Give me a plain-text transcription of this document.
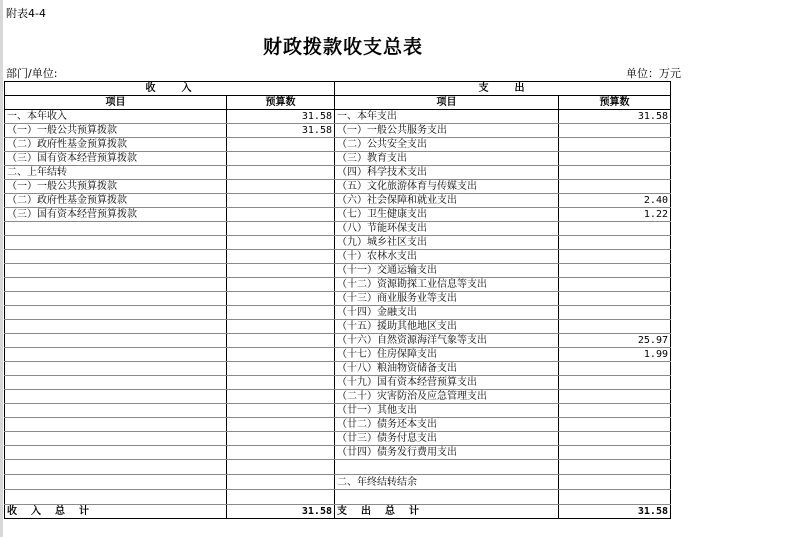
附表4-4
财政拨款收支总表
部门/单位:	单位：万元
收　　入		支　　出	
项目	预算数	项目	预算数
一、本年收入	31.58	一、本年支出	31.58
（一）一般公共预算拨款	31.58	（一）一般公共服务支出	
（二）政府性基金预算拨款		（二）公共安全支出	
（三）国有资本经营预算拨款		（三）教育支出	
二、上年结转		（四）科学技术支出	
（一）一般公共预算拨款		（五）文化旅游体育与传媒支出	
（二）政府性基金预算拨款		（六）社会保障和就业支出	2.40
（三）国有资本经营预算拨款		（七）卫生健康支出	1.22
		（八）节能环保支出	
		（九）城乡社区支出	
		（十）农林水支出	
		（十一）交通运输支出	
		（十二）资源勘探工业信息等支出	
		（十三）商业服务业等支出	
		（十四）金融支出	
		（十五）援助其他地区支出	
		（十六）自然资源海洋气象等支出	25.97
		（十七）住房保障支出	1.99
		（十八）粮油物资储备支出	
		（十九）国有资本经营预算支出	
		（二十）灾害防治及应急管理支出	
		（廿一）其他支出	
		（廿二）债务还本支出	
		（廿三）债务付息支出	
		（廿四）债务发行费用支出	

		二、年终结转结余	

收　入　总　计	31.58	支　出　总　计	31.58
